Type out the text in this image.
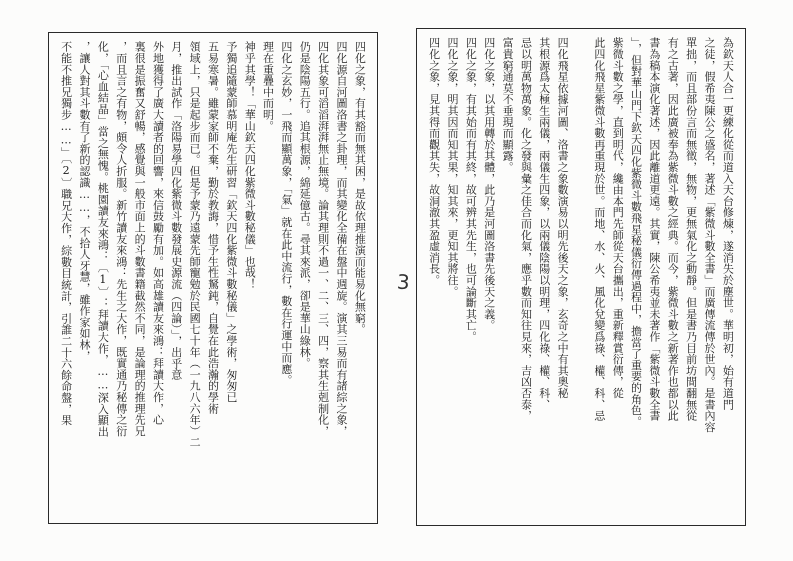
四化之象，有其豁而無其困，是故依理推演而能易化無窮。
四化源自河圖洛書之卦理，而其變化全備在盤中週旋。演其三易而有諸綜之象，
四化其象可滔滔湃湃無止無境。論其理則不過一、二、三、四，察其生剋制化，
仍是陰陽五行。追其根源，綿延億古。尋其來派，卻是華山綠林。
四化之玄妙，一飛而顯萬象，「氣」就在此中流行，數在行運中而應。
理在重疊中而明。
神乎其學！「華山欽天四化紫微斗數秘儀」也哉！
予獨追隨蒙師慕明庵先生研習「欽天四化紫微斗數秘儀」之學術，匆匆已
五易寒暑。雖蒙家師不棄，勤於教誨，惜予生性駑鈍，自覺在此浩瀚的學術
領域上，只是起步而已。但是予蒙乃遠蒙先師寵勉於民國七十年（一九八六年）二
月，推出試作「洛陽易學四化紫微斗數發展史源流（四論）」，出乎意
外地獲得了廣大讀者的回響，來信鼓勵有加。如高雄讀友來鴻：拜讀大作，心
裏很是振奮又舒暢，感覺與一般市面上的斗數書籍截然不同，是論理的推理先兄
，而且言之有物，頗令人折服。新竹讀友來鴻：先生之大作，既實通乃秘傳之衍
化，「心血結晶」當之無愧。桃園讀友來鴻：〔1〕：拜讀大作，……深入顯出
，讓人對其斗數有了新的認識……，不拾人牙慧，雖作家如林，
不能不推兄獨步……」〔2〕職兄大作，綜數目統計，引誰二十六餘命盤，果	3	為欽天人合一更練化從而道入天台修煉，遂消失於塵世。華明初，始有道門
之徒，假希夷陳公之盛名，著述「紫微斗數全書」而廣傳流傳於世內。是書內容
單拙，而且部份言而無徵，無物，更無氣化之動靜。但是書乃目前坊間翻無從
有之古著，因此廣被奉為紫微斗數之經典。而今，紫微斗數之新著作也都以此
書為稿本演化著述，因此離道更遠。其實，陳公希夷並未著作「紫微斗數全書
」，但對華山門下欽天四化紫微斗數飛星秘儀衍傳過程中，擔當了重要的角色。
紫微斗數之學，直到明代，纔由本門先師從天台攜出，重新釋賞衍傳，從
此四化飛星紫微斗數再重現於世。而地、水、火、風化兌變爲祿、權、科、忌
四化飛星依據河圖、洛書之象數演易以明先後天之象，玄奇之中有其奧秘
其根源爲太極生兩儀，兩儀生四象，以兩儀陰陽以明理，四化祿、權、科、
忌以明萬物萬象。化之發與彙之佳合而化氣，應乎數而知往見來，吉凶否泰，
富貴窮通莫不垂現而顯露。
四化之象，以其用轉於其體，此乃是河圖洛書先後天之義。
四化之象，有其始而有其終，故可辨其先生，也可論斷其亡。
四化之象，明其因而知其果，知其來，更知其將往。
四化之象，見其得而觀其失，故洞澈其盈虛消長。
